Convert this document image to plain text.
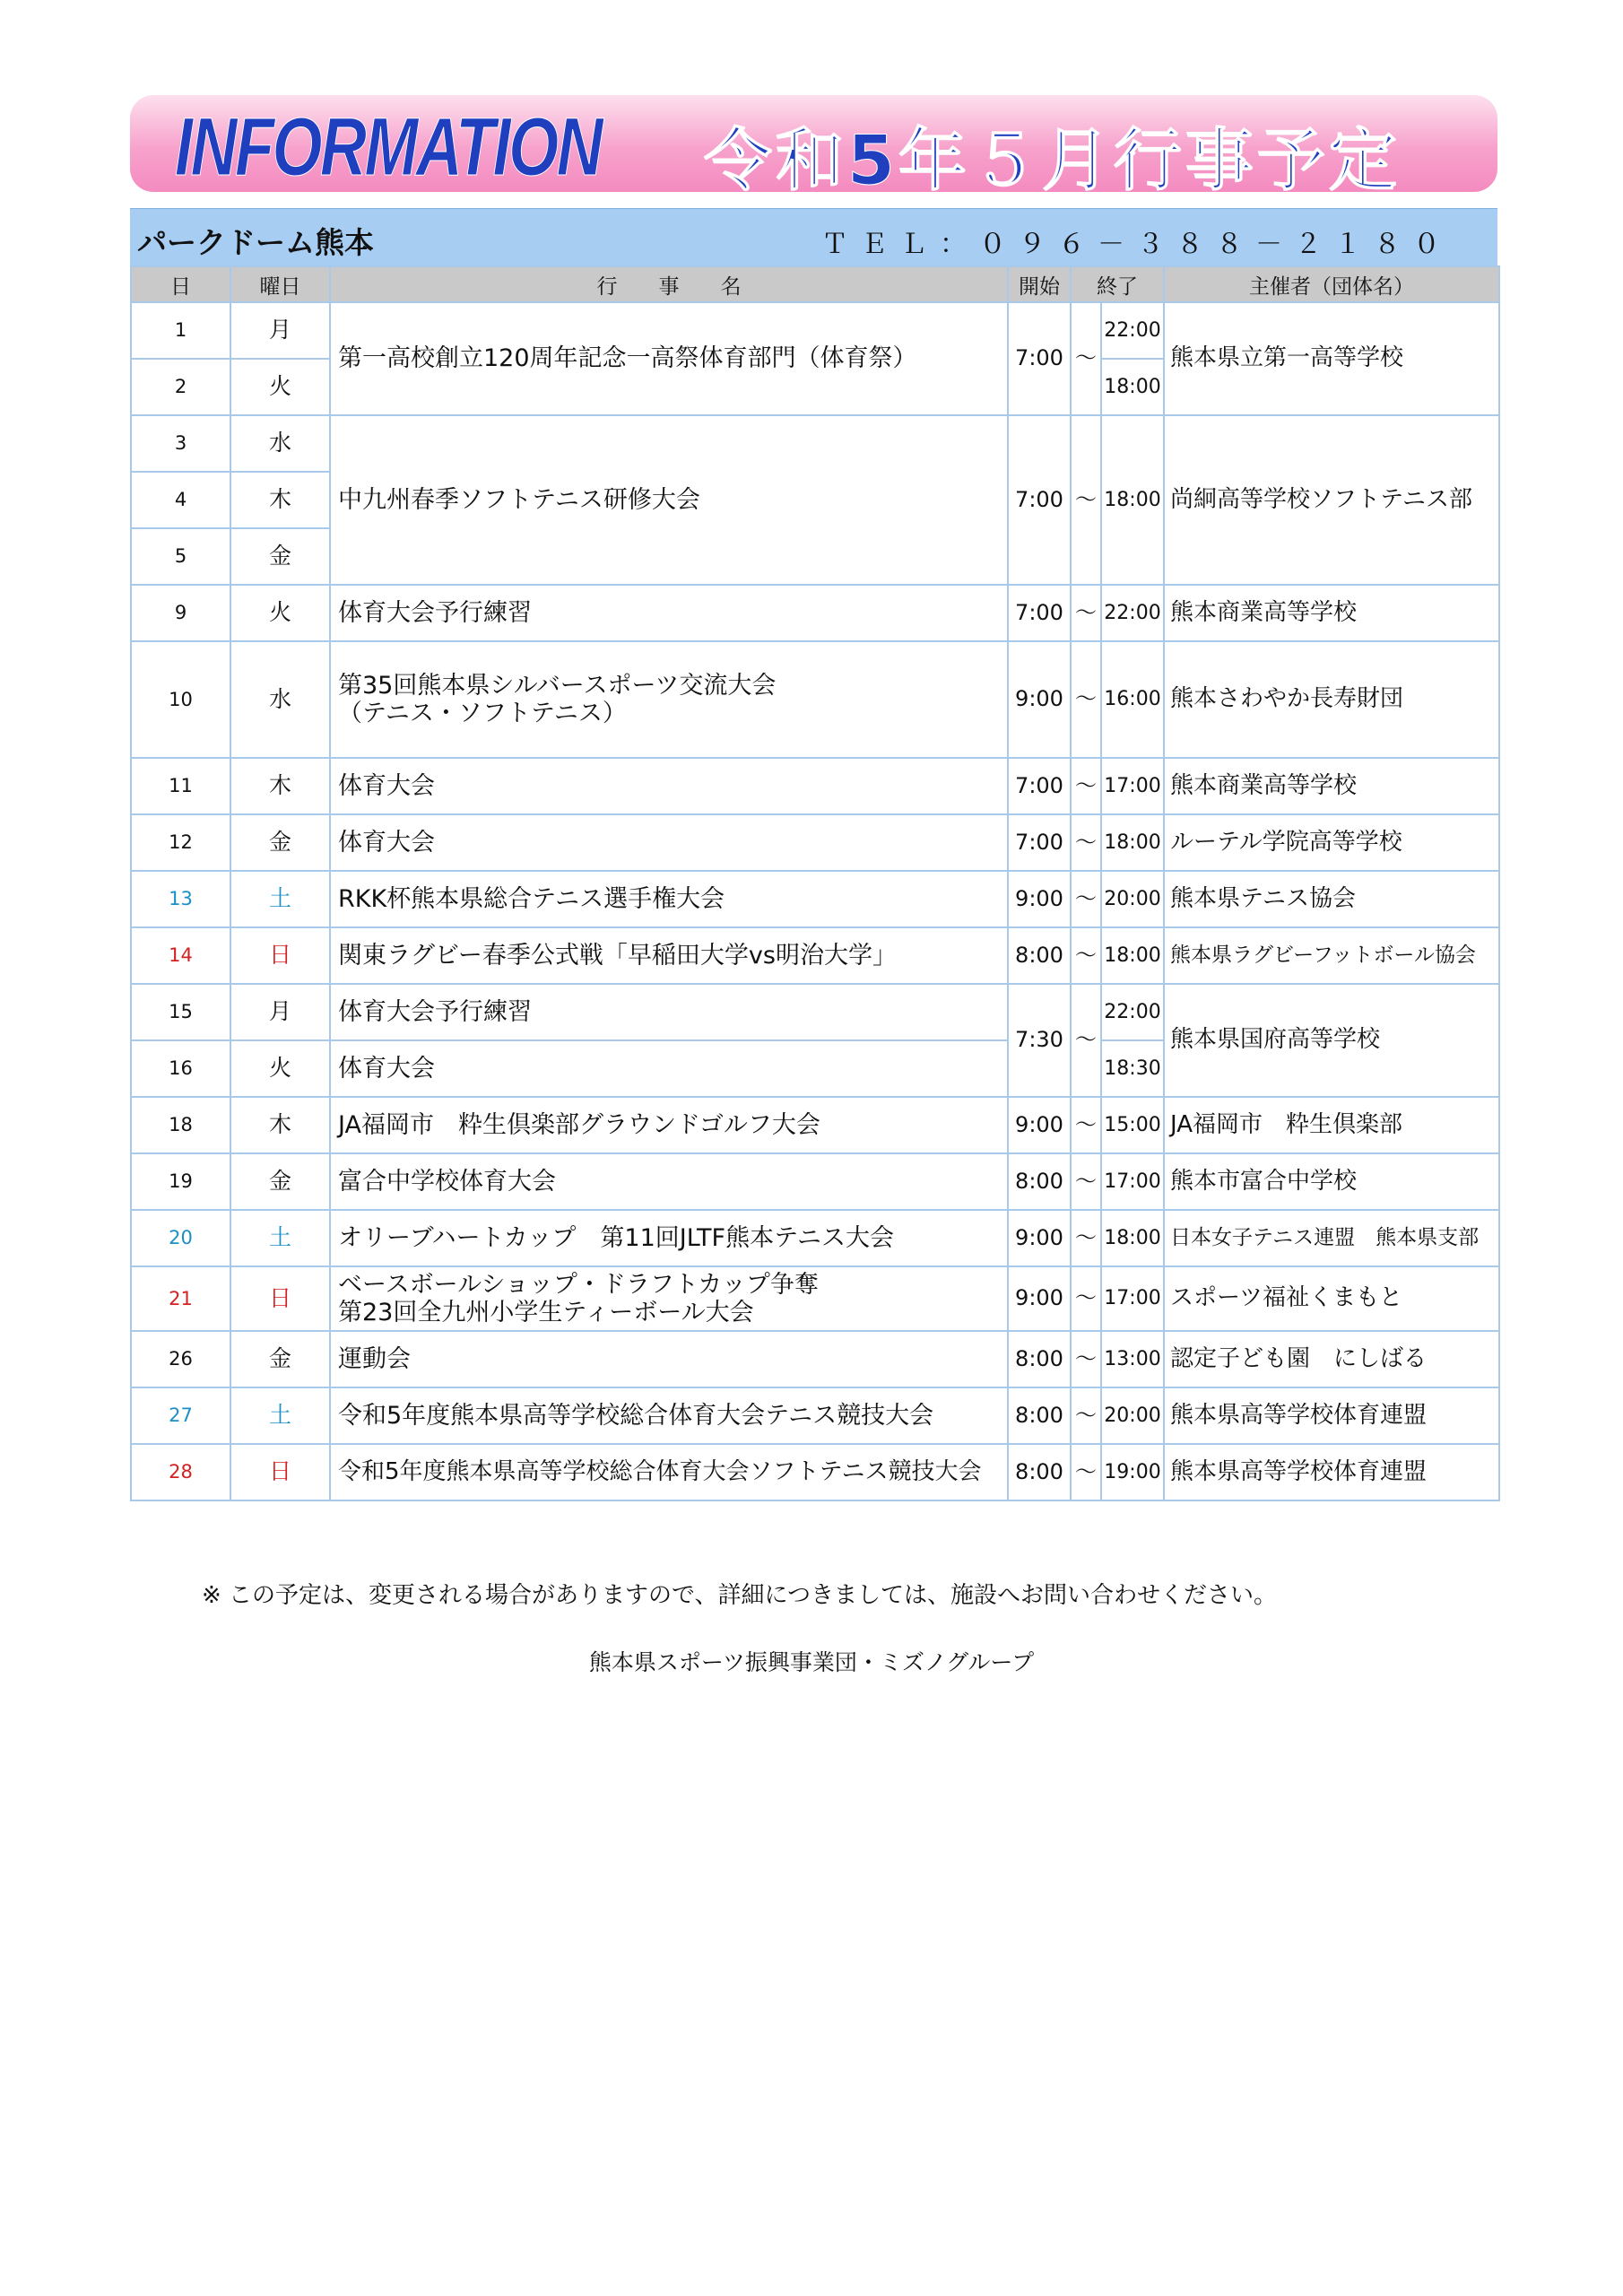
INFORMATION 令和5年５月行事予定
パークドーム熊本	ＴＥＬ：０９６－３８８－２１８０
日	曜日	行　　事　　名	開始	終了		主催者（団体名）
1	月	第一高校創立120周年記念一高祭体育部門（体育祭）	7:00	～	22:00	熊本県立第一高等学校
2	火				18:00	
3	水	中九州春季ソフトテニス研修大会	7:00	～	18:00	尚絅高等学校ソフトテニス部
4	木					
5	金					
9	火	体育大会予行練習	7:00	～	22:00	熊本商業高等学校
10	水	第35回熊本県シルバースポーツ交流大会
（テニス・ソフトテニス）	9:00	～	16:00	熊本さわやか長寿財団
11	木	体育大会	7:00	～	17:00	熊本商業高等学校
12	金	体育大会	7:00	～	18:00	ルーテル学院高等学校
13	土	RKK杯熊本県総合テニス選手権大会	9:00	～	20:00	熊本県テニス協会
14	日	関東ラグビー春季公式戦「早稲田大学vs明治大学」	8:00	～	18:00	熊本県ラグビーフットボール協会
15	月	体育大会予行練習	7:30	～	22:00	熊本県国府高等学校
16	火	体育大会			18:30	
18	木	JA福岡市　粋生倶楽部グラウンドゴルフ大会	9:00	～	15:00	JA福岡市　粋生倶楽部
19	金	富合中学校体育大会	8:00	～	17:00	熊本市富合中学校
20	土	オリーブハートカップ　第11回JLTF熊本テニス大会	9:00	～	18:00	日本女子テニス連盟　熊本県支部
21	日	ベースボールショップ・ドラフトカップ争奪
第23回全九州小学生ティーボール大会	9:00	～	17:00	スポーツ福祉くまもと
26	金	運動会	8:00	～	13:00	認定子ども園　にしばる
27	土	令和5年度熊本県高等学校総合体育大会テニス競技大会	8:00	～	20:00	熊本県高等学校体育連盟
28	日	令和5年度熊本県高等学校総合体育大会ソフトテニス競技大会	8:00	～	19:00	熊本県高等学校体育連盟
※ この予定は、変更される場合がありますので、詳細につきましては、施設へお問い合わせください。
熊本県スポーツ振興事業団・ミズノグループ
